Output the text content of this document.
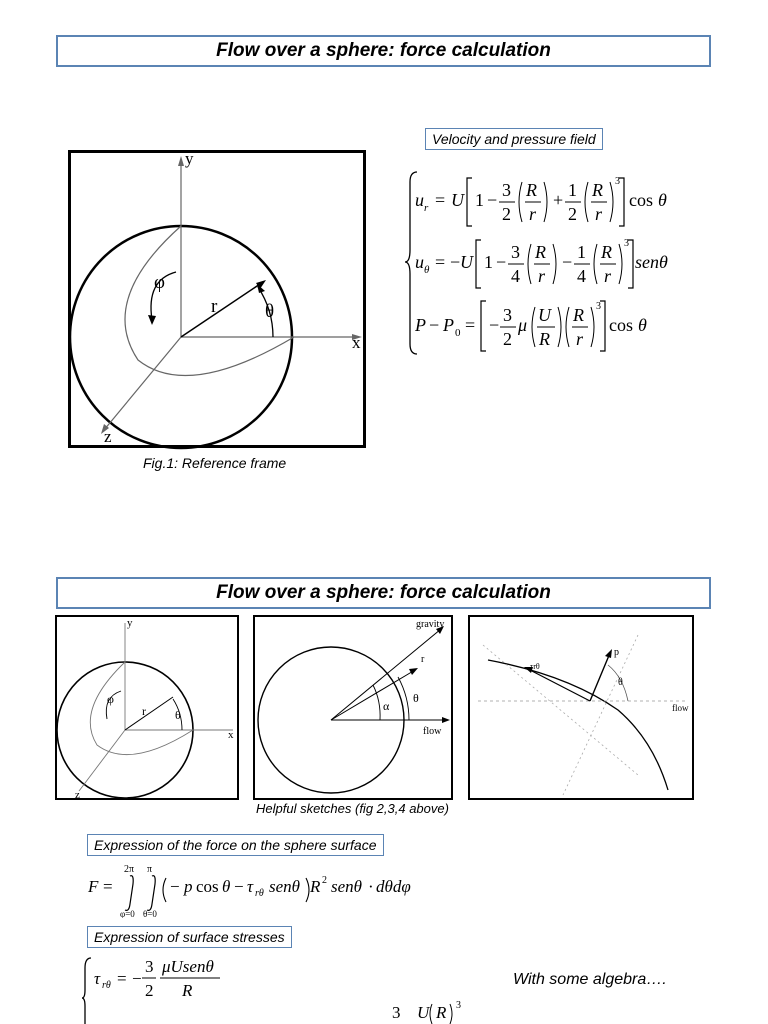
Flow over a sphere: force calculation
y
x
z
φ
r	θ
Fig.1: Reference frame
Velocity and pressure field
u r = U 1 − 3
2
R
r
+ 1
2
R
r
3
cos θ
u θ = − U 1 − 3
4
R
r
− 1
4
R
r
3
senθ
P − P 0 = − 3
2
μ U
R
R
r
3
cos θ
Flow over a sphere: force calculation
y
x
z
φ
r θ
gravity
r
α
θ
flow
p
τrθ
θ
flow
Helpful sketches (fig 2,3,4 above)
Expression of the force on the sphere surface
F =
2π
φ=0
π
θ=0
− p cos θ − τ rθ senθ R 2 senθ · dθdφ
Expression of surface stresses
τ rθ = −
3
2
μUsenθ
R
3 U R 3
With some algebra….
